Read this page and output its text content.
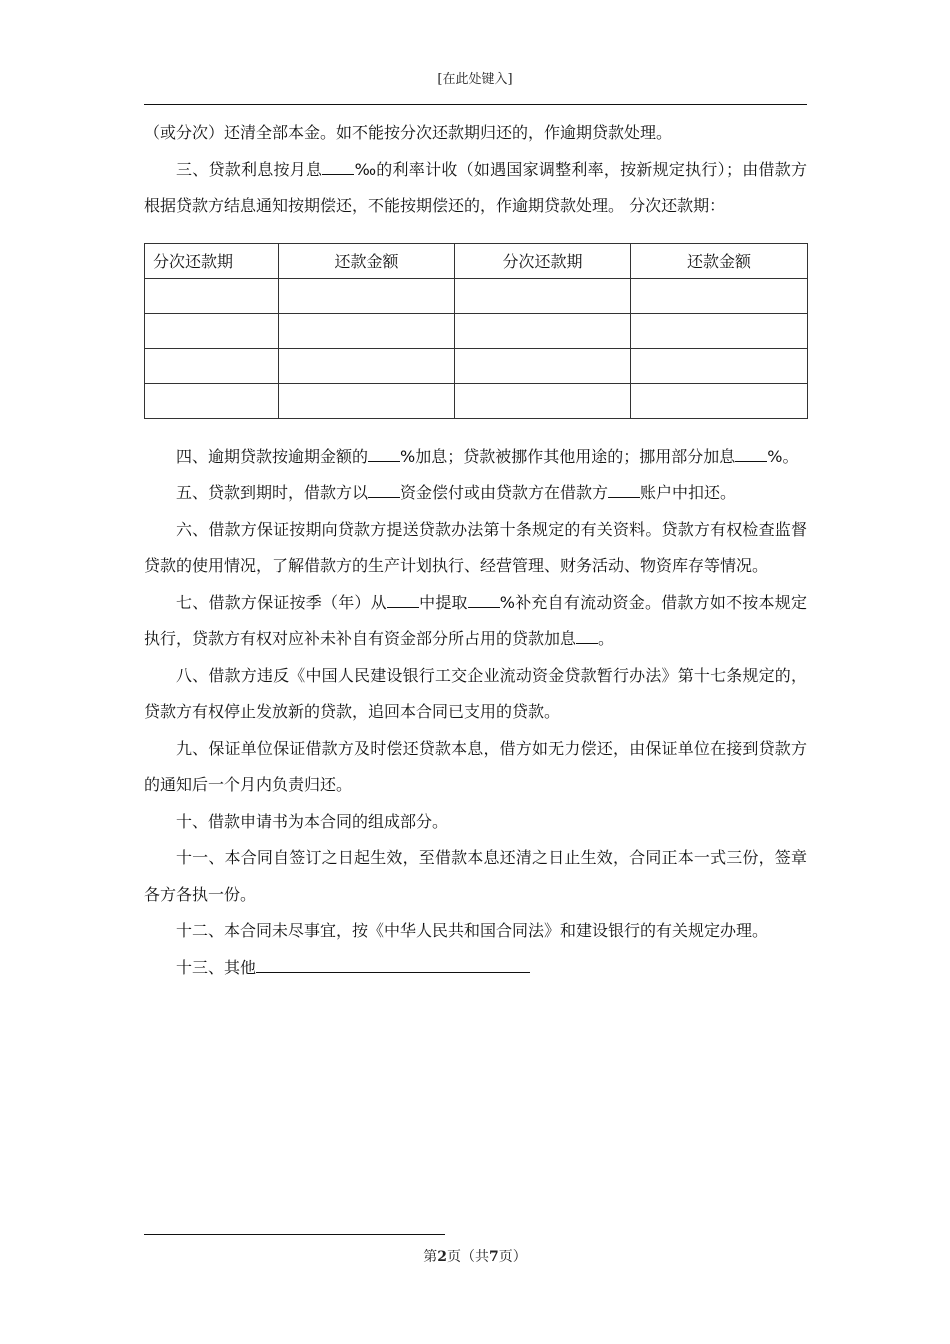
[在此处键入]

（或分次）还清全部本金。如不能按分次还款期归还的，作逾期贷款处理。

三、贷款利息按月息 ‰的利率计收（如遇国家调整利率，按新规定执行）；由借款方根据贷款方结息通知按期偿还，不能按期偿还的，作逾期贷款处理。 分次还款期：

分次还款期	还款金额	分次还款期	还款金额

四、逾期贷款按逾期金额的 %加息；贷款被挪作其他用途的；挪用部分加息 %。

五、贷款到期时，借款方以 资金偿付或由贷款方在借款方 账户中扣还。

六、借款方保证按期向贷款方提送贷款办法第十条规定的有关资料。贷款方有权检查监督贷款的使用情况，了解借款方的生产计划执行、经营管理、财务活动、物资库存等情况。

七、借款方保证按季（年）从 中提取 %补充自有流动资金。借款方如不按本规定执行，贷款方有权对应补未补自有资金部分所占用的贷款加息 。

八、借款方违反《中国人民建设银行工交企业流动资金贷款暂行办法》第十七条规定的，贷款方有权停止发放新的贷款，追回本合同已支用的贷款。

九、保证单位保证借款方及时偿还贷款本息，借方如无力偿还，由保证单位在接到贷款方的通知后一个月内负责归还。

十、借款申请书为本合同的组成部分。

十一、本合同自签订之日起生效，至借款本息还清之日止生效，合同正本一式三份，签章各方各执一份。

十二、本合同未尽事宜，按《中华人民共和国合同法》和建设银行的有关规定办理。

十三、其他

第2页（共7页）
